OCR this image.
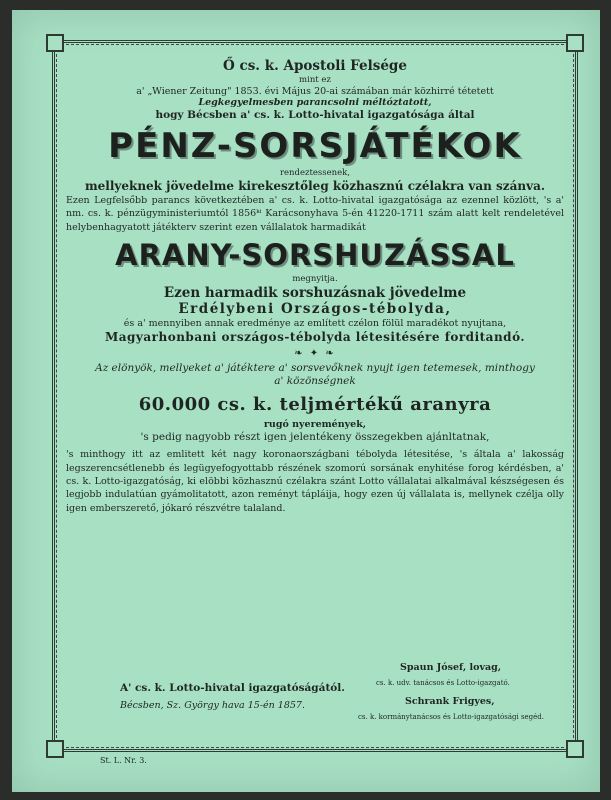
Ő cs. k. Apostoli Felsége
mint ez
a' „Wiener Zeitung" 1853. évi Május 20-ai számában már közhirré tétetett
Legkegyelmesben parancsolni méltóztatott,
hogy Bécsben a' cs. k. Lotto-hivatal igazgatósága által
PÉNZ-SORSJÁTÉKOK
rendeztessenek,
mellyeknek jövedelme kirekesztőleg közhasznú czélakra van szánva.
Ezen Legfelsőbb parancs következtében a' cs. k. Lotto-hivatal igazgatósága az ezennel közlött, 's a' nm. cs. k. pénzügyministeriumtól 1856ᵏⁱ Karácsonyhava 5-én 41220-1711 szám alatt kelt rendeletével helybenhagyatott játékterv szerint ezen vállalatok harmadikát
ARANY-SORSHUZÁSSAL
megnyitja.
Ezen harmadik sorshuzásnak jövedelme
Erdélybeni Országos-tébolyda,
és a' mennyiben annak eredménye az említett czélon fölül maradékot nyujtana,
Magyarhonbani országos-tébolyda létesitésére forditandó.
❧ ✦ ❧
Az elönyök, mellyeket a' játéktere a' sorsvevőknek nyujt igen tetemesek, minthogy
a' közönségnek
60.000 cs. k. teljmértékű aranyra
rugó nyeremények,
's pedig nagyobb részt igen jelentékeny összegekben ajánltatnak,
's minthogy itt az emlitett két nagy koronaországbani tébolyda létesitése, 's általa a' lakosság legszerencsétlenebb és legügyefogyottabb részének szomorú sorsának enyhitése forog kérdésben, a' cs. k. Lotto-igazgatóság, ki elöbbi közhasznú czélakra szánt Lotto vállalatai alkalmával készségesen és legjobb indulatúan gyámolitatott, azon reményt tápláija, hogy ezen új vállalata is, mellynek czélja olly igen emberszerető, jókaró részvétre talaland.
A' cs. k. Lotto-hivatal igazgatóságától.
Bécsben, Sz. György hava 15-én 1857.
Spaun Jósef, lovag,
cs. k. udv. tanácsos és Lotto-igazgató.
Schrank Frigyes,
cs. k. kormánytanácsos és Lotto-igazgatósági segéd.
St. L. Nr. 3.
